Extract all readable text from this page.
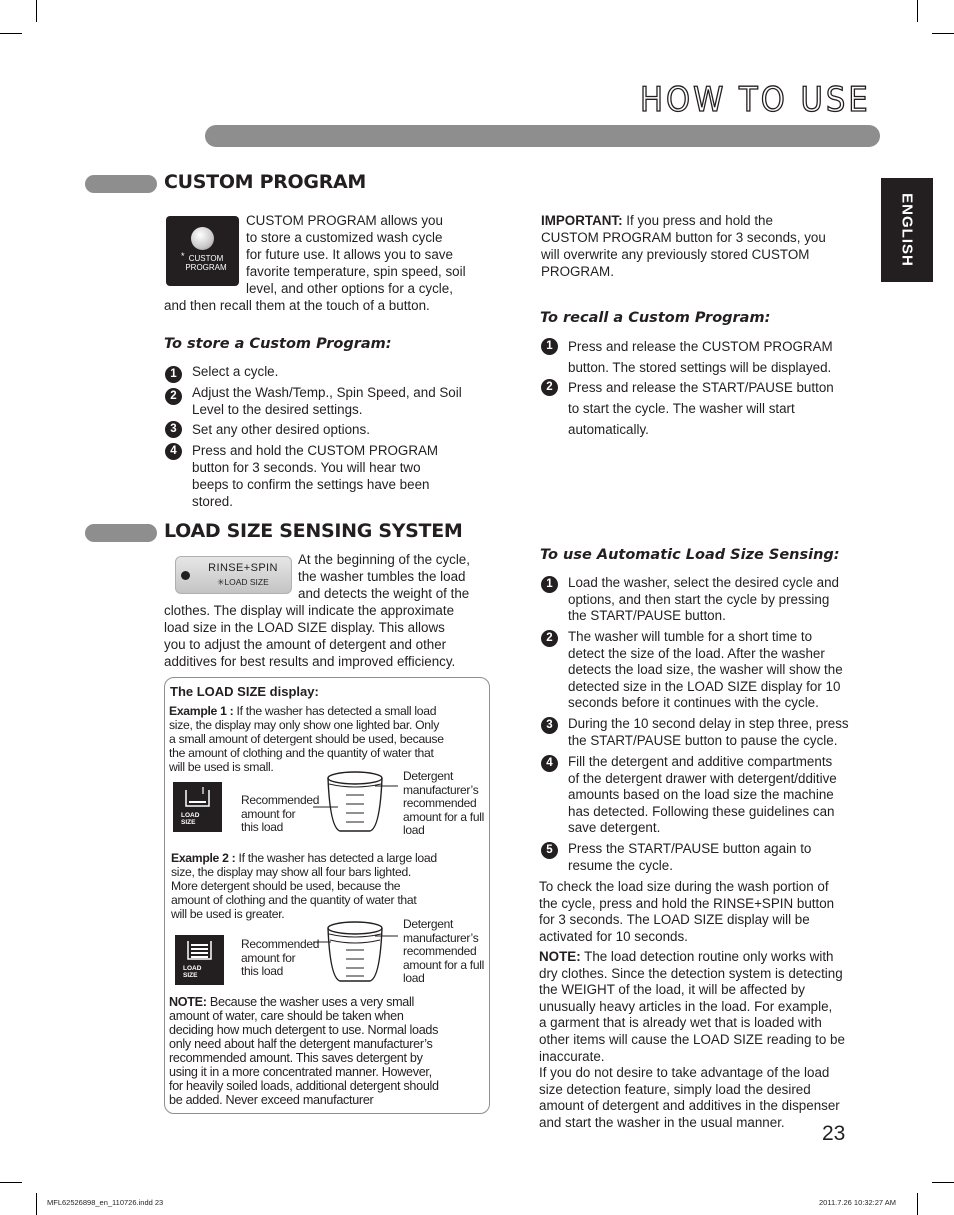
HOW TO USE
ENGLISH
CUSTOM PROGRAM
CUSTOM PROGRAM
*
CUSTOM PROGRAM allows you
to store a customized wash cycle
for future use. It allows you to save
favorite temperature, spin speed, soil
level, and other options for a cycle,
and then recall them at the touch of a button.
To store a Custom Program:
1	Select a cycle.
2	Adjust the Wash/Temp., Spin Speed, and Soil
Level to the desired settings.
3	Set any other desired options.
4	Press and hold the CUSTOM PROGRAM
button for 3 seconds. You will hear two
beeps to confirm the settings have been
stored.
IMPORTANT: If you press and hold the
CUSTOM PROGRAM button for 3 seconds, you
will overwrite any previously stored CUSTOM
PROGRAM.
To recall a Custom Program:
1	Press and release the CUSTOM PROGRAM
button. The stored settings will be displayed.
2	Press and release the START/PAUSE button
to start the cycle. The washer will start
automatically.
LOAD SIZE SENSING SYSTEM
RINSE+SPIN
✳LOAD SIZE
At the beginning of the cycle,
the washer tumbles the load
and detects the weight of the
clothes. The display will indicate the approximate
load size in the LOAD SIZE display. This allows
you to adjust the amount of detergent and other
additives for best results and improved efficiency.
The LOAD SIZE display:
Example 1 : If the washer has detected a small load
size, the display may only show one lighted bar. Only
a small amount of detergent should be used, because
the amount of clothing and the quantity of water that
will be used is small.
LOAD SIZE
Recommended
amount for
this load
Detergent
manufacturer’s
recommended
amount for a full
load
Example 2 : If the washer has detected a large load
size, the display may show all four bars lighted.
More detergent should be used, because the
amount of clothing and the quantity of water that
will be used is greater.
LOAD SIZE
Recommended
amount for
this load
Detergent
manufacturer’s
recommended
amount for a full
load
NOTE: Because the washer uses a very small
amount of water, care should be taken when
deciding how much detergent to use. Normal loads
only need about half the detergent manufacturer’s
recommended amount. This saves detergent by
using it in a more concentrated manner. However,
for heavily soiled loads, additional detergent should
be added. Never exceed manufacturer
To use Automatic Load Size Sensing:
1	Load the washer, select the desired cycle and
options, and then start the cycle by pressing
the START/PAUSE button.
2	The washer will tumble for a short time to
detect the size of the load. After the washer
detects the load size, the washer will show the
detected size in the LOAD SIZE display for 10
seconds before it continues with the cycle.
3	During the 10 second delay in step three, press
the START/PAUSE button to pause the cycle.
4	Fill the detergent and additive compartments
of the detergent drawer with detergent/dditive
amounts based on the load size the machine
has detected. Following these guidelines can
save detergent.
5	Press the START/PAUSE button again to
resume the cycle.
To check the load size during the wash portion of
the cycle, press and hold the RINSE+SPIN button
for 3 seconds. The LOAD SIZE display will be
activated for 10 seconds.
NOTE: The load detection routine only works with
dry clothes. Since the detection system is detecting
the WEIGHT of the load, it will be affected by
unusually heavy articles in the load. For example,
a garment that is already wet that is loaded with
other items will cause the LOAD SIZE reading to be
inaccurate.
If you do not desire to take advantage of the load
size detection feature, simply load the desired
amount of detergent and additives in the dispenser
and start the washer in the usual manner.	23
MFL62526898_en_110726.indd 23	2011.7.26 10:32:27 AM
